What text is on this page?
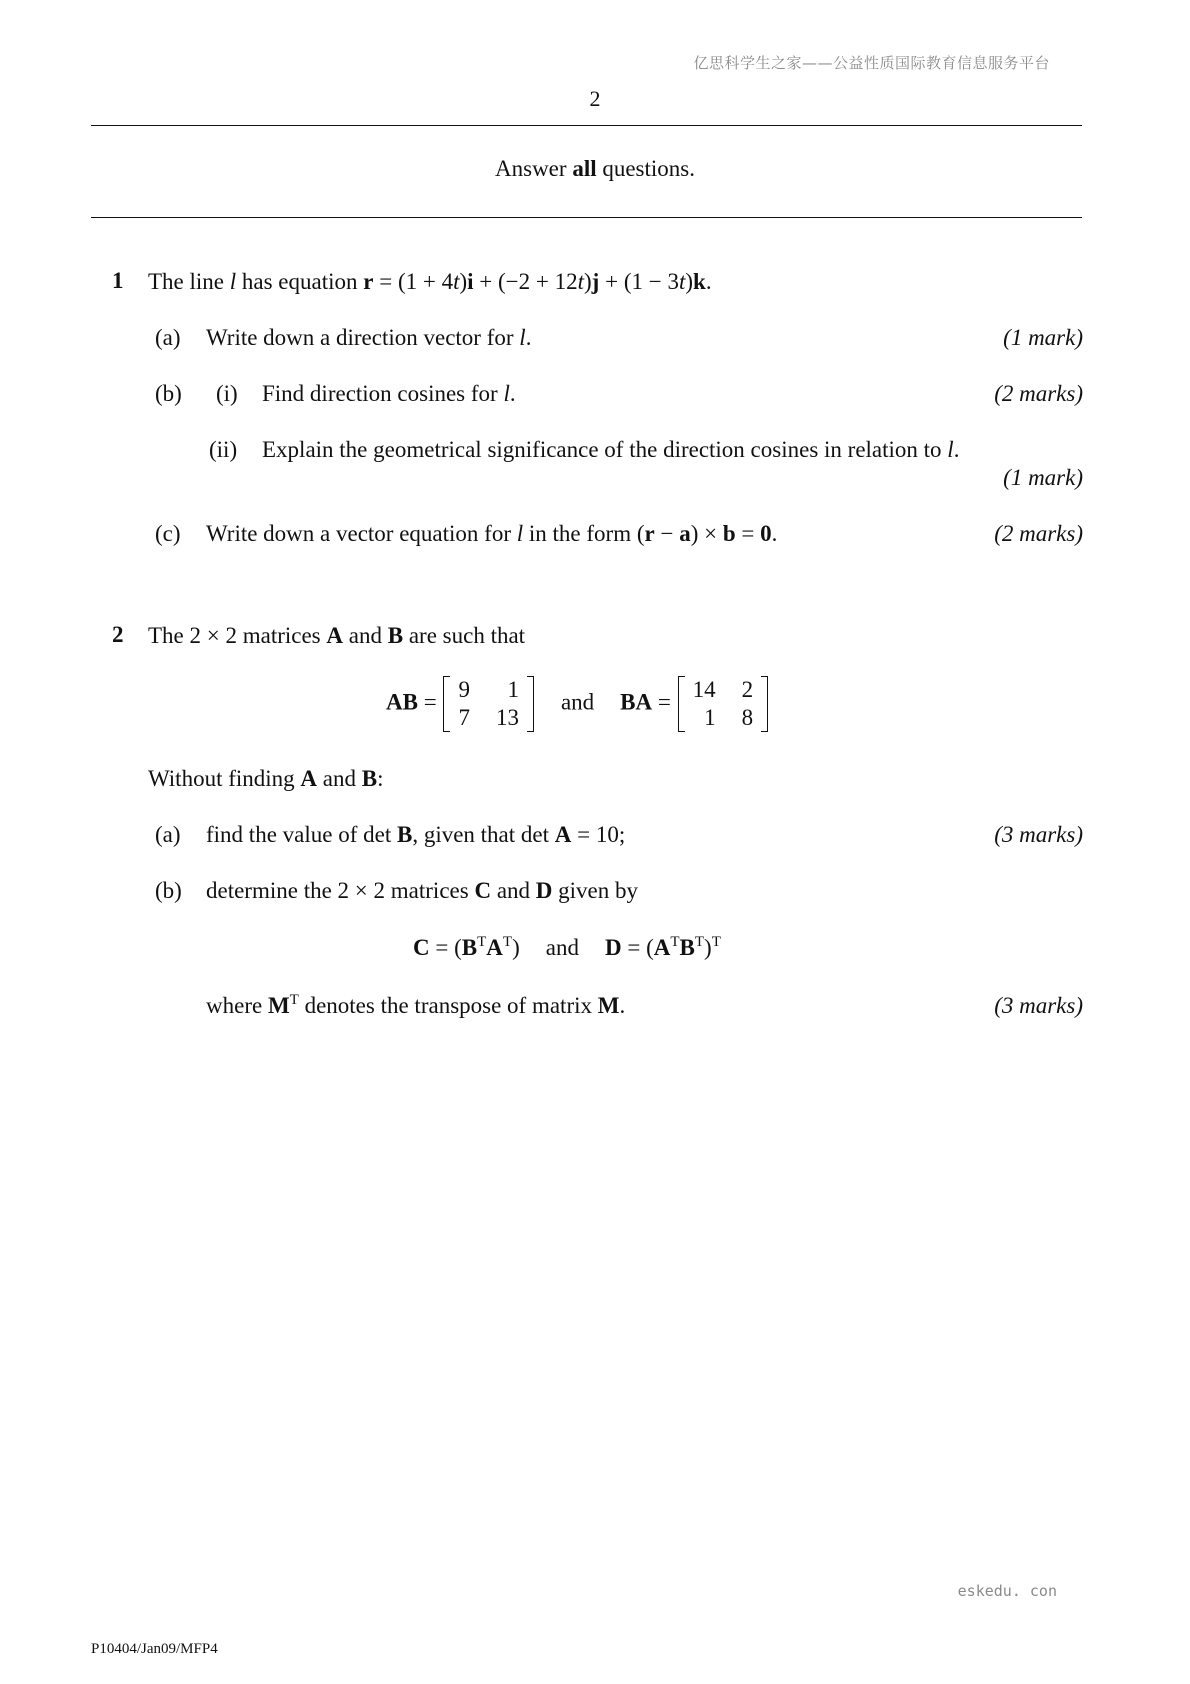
亿思科学生之家——公益性质国际教育信息服务平台
2
Answer all questions.
1 The line l has equation r = (1 + 4t)i + (−2 + 12t)j + (1 − 3t)k.
(a) Write down a direction vector for l.	(1 mark)
(b) (i) Find direction cosines for l.	(2 marks)
(ii) Explain the geometrical significance of the direction cosines in relation to l.
(1 mark)
(c) Write down a vector equation for l in the form (r − a) × b = 0.	(2 marks)
2 The 2 × 2 matrices A and B are such that
AB = 9	1
7	13
and BA = 14	2
1	8
Without finding A and B:
(a) find the value of det B, given that det A = 10;	(3 marks)
(b) determine the 2 × 2 matrices C and D given by
$C = (B^TA^T)$ and $D = (A^TB^T)^T$
where $M^T$ denotes the transpose of matrix M.	(3 marks)
eskedu. con
P10404/Jan09/MFP4
